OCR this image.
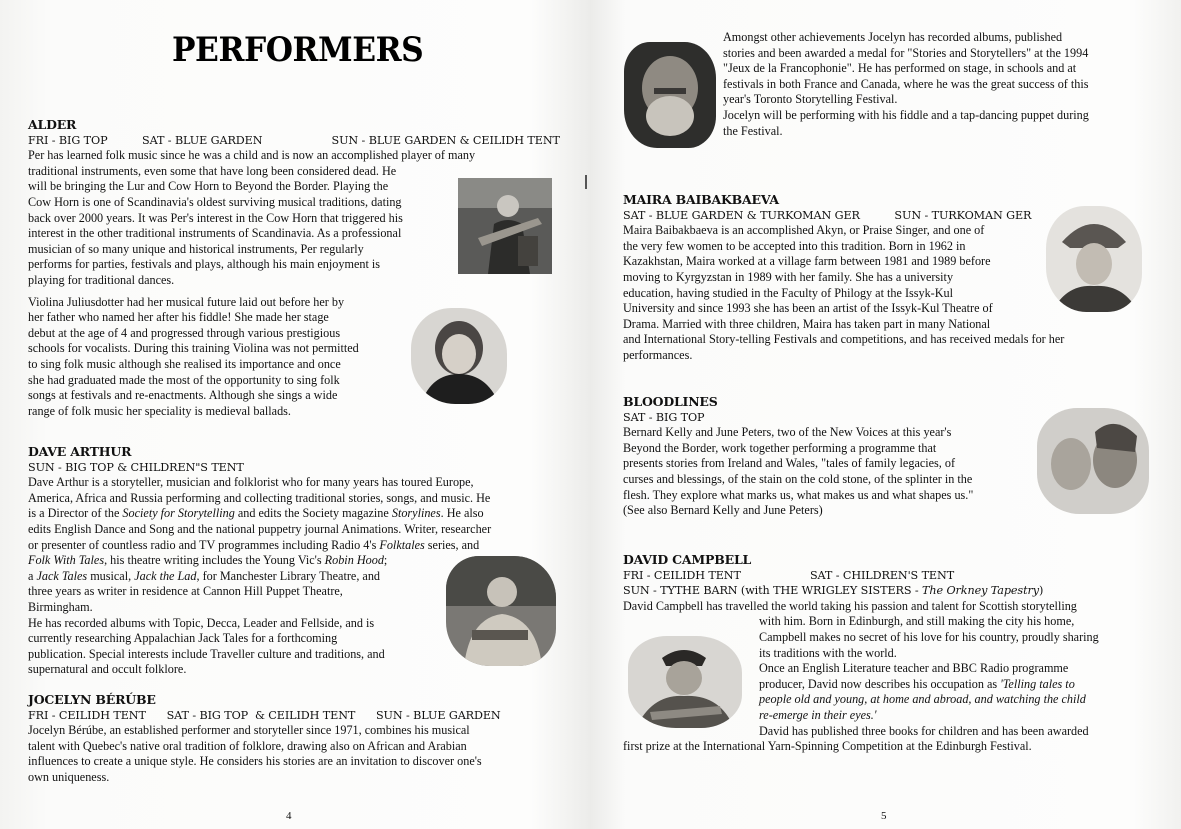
PERFORMERS
ALDER
FRI - BIG TOP          SAT - BLUE GARDEN                    SUN - BLUE GARDEN & CEILIDH TENT
Per has learned folk music since he was a child and is now an accomplished player of many
traditional instruments, even some that have long been considered dead. He
will be bringing the Lur and Cow Horn to Beyond the Border. Playing the
Cow Horn is one of Scandinavia's oldest surviving musical traditions, dating
back over 2000 years. It was Per's interest in the Cow Horn that triggered his
interest in the other traditional instruments of Scandinavia. As a professional
musician of so many unique and historical instruments, Per regularly
performs for parties, festivals and plays, although his main enjoyment is
playing for traditional dances.
Violina Juliusdotter had her musical future laid out before her by
her father who named her after his fiddle! She made her stage
debut at the age of 4 and progressed through various prestigious
schools for vocalists. During this training Violina was not permitted
to sing folk music although she realised its importance and once
she had graduated made the most of the opportunity to sing folk
songs at festivals and re-enactments. Although she sings a wide
range of folk music her speciality is medieval ballads.
DAVE ARTHUR
SUN - BIG TOP & CHILDREN"S TENT
Dave Arthur is a storyteller, musician and folklorist who for many years has toured Europe,
America, Africa and Russia performing and collecting traditional stories, songs, and music. He
is a Director of the Society for Storytelling and edits the Society magazine Storylines. He also
edits English Dance and Song and the national puppetry journal Animations. Writer, researcher
or presenter of countless radio and TV programmes including Radio 4's Folktales series, and
Folk With Tales, his theatre writing includes the Young Vic's Robin Hood;
a Jack Tales musical, Jack the Lad, for Manchester Library Theatre, and
three years as writer in residence at Cannon Hill Puppet Theatre,
Birmingham.
He has recorded albums with Topic, Decca, Leader and Fellside, and is
currently researching Appalachian Jack Tales for a forthcoming
publication. Special interests include Traveller culture and traditions, and
supernatural and occult folklore.
JOCELYN BÉRÚBE
FRI - CEILIDH TENT      SAT - BIG TOP  & CEILIDH TENT      SUN - BLUE GARDEN
Jocelyn Bérúbe, an established performer and storyteller since 1971, combines his musical
talent with Quebec's native oral tradition of folklore, drawing also on African and Arabian
influences to create a unique style. He considers his stories are an invitation to discover one's
own uniqueness.
4
Amongst other achievements Jocelyn has recorded albums, published
stories and been awarded a medal for "Stories and Storytellers" at the 1994
"Jeux de la Francophonie". He has performed on stage, in schools and at
festivals in both France and Canada, where he was the great success of this
year's Toronto Storytelling Festival.
Jocelyn will be performing with his fiddle and a tap-dancing puppet during
the Festival.
MAIRA BAIBAKBAEVA
SAT - BLUE GARDEN & TURKOMAN GER          SUN - TURKOMAN GER
Maira Baibakbaeva is an accomplished Akyn, or Praise Singer, and one of
the very few women to be accepted into this tradition. Born in 1962 in
Kazakhstan, Maira worked at a village farm between 1981 and 1989 before
moving to Kyrgyzstan in 1989 with her family. She has a university
education, having studied in the Faculty of Philogy at the Issyk-Kul
University and since 1993 she has been an artist of the Issyk-Kul Theatre of
Drama. Married with three children, Maira has taken part in many National
and International Story-telling Festivals and competitions, and has received medals for her
performances.
BLOODLINES
SAT - BIG TOP
Bernard Kelly and June Peters, two of the New Voices at this year's
Beyond the Border, work together performing a programme that
presents stories from Ireland and Wales, "tales of family legacies, of
curses and blessings, of the stain on the cold stone, of the splinter in the
flesh. They explore what marks us, what makes us and what shapes us."
(See also Bernard Kelly and June Peters)
DAVID CAMPBELL
FRI - CEILIDH TENT                    SAT - CHILDREN'S TENT
SUN - TYTHE BARN (with THE WRIGLEY SISTERS - The Orkney Tapestry)
David Campbell has travelled the world taking his passion and talent for Scottish storytelling
with him. Born in Edinburgh, and still making the city his home,
Campbell makes no secret of his love for his country, proudly sharing
its traditions with the world.
Once an English Literature teacher and BBC Radio programme
producer, David now describes his occupation as 'Telling tales to
people old and young, at home and abroad, and watching the child
re-emerge in their eyes.'
David has published three books for children and has been awarded
first prize at the International Yarn-Spinning Competition at the Edinburgh Festival.
5
